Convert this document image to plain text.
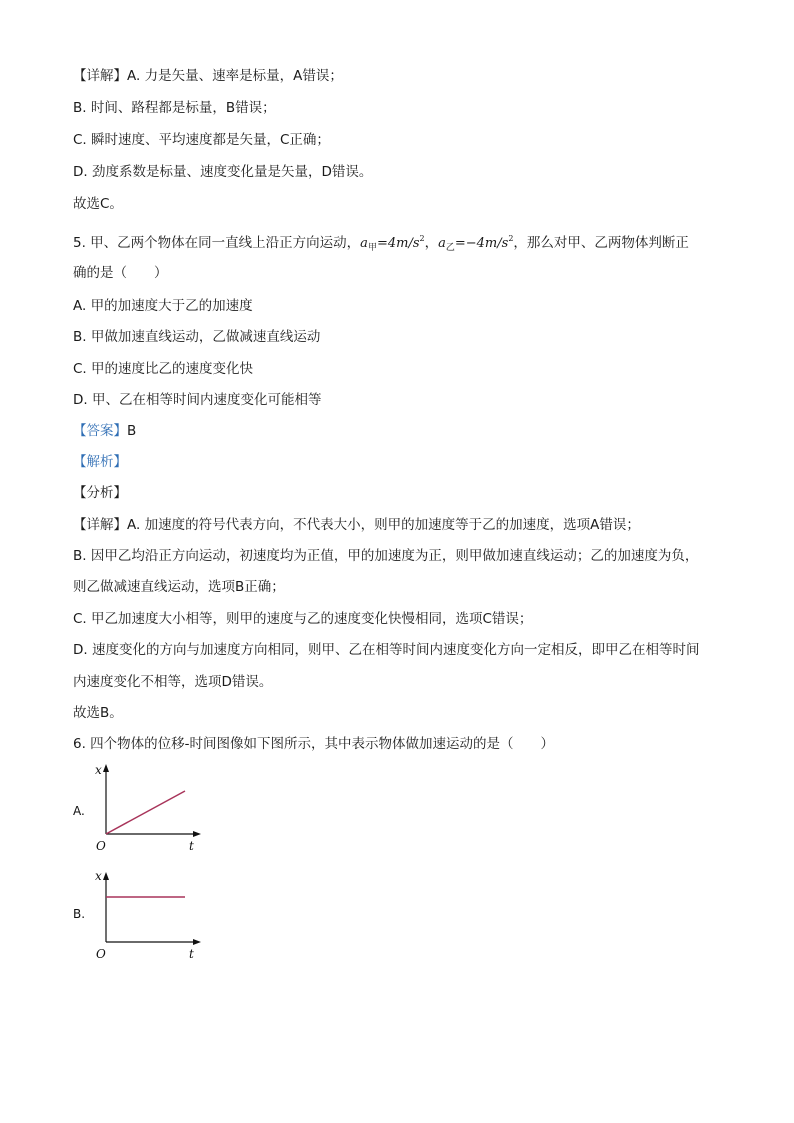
【详解】A. 力是矢量、速率是标量，A错误；
B. 时间、路程都是标量，B错误；
C. 瞬时速度、平均速度都是矢量，C正确；
D. 劲度系数是标量、速度变化量是矢量，D错误。
故选C。
5. 甲、乙两个物体在同一直线上沿正方向运动，$a_甲=4m/s^2$，$a_乙=-4m/s^2$，那么对甲、乙两物体判断正
确的是（　　）
A. 甲的加速度大于乙的加速度
B. 甲做加速直线运动，乙做减速直线运动
C. 甲的速度比乙的速度变化快
D. 甲、乙在相等时间内速度变化可能相等
【答案】B
【解析】
【分析】
【详解】A. 加速度的符号代表方向，不代表大小，则甲的加速度等于乙的加速度，选项A错误；
B. 因甲乙均沿正方向运动，初速度均为正值，甲的加速度为正，则甲做加速直线运动；乙的加速度为负，
则乙做减速直线运动，选项B正确；
C. 甲乙加速度大小相等，则甲的速度与乙的速度变化快慢相同，选项C错误；
D. 速度变化的方向与加速度方向相同，则甲、乙在相等时间内速度变化方向一定相反，即甲乙在相等时间
内速度变化不相等，选项D错误。
故选B。
6. 四个物体的位移-时间图像如下图所示，其中表示物体做加速运动的是（　　）
A.
x
O	t
B.
x
O	t
